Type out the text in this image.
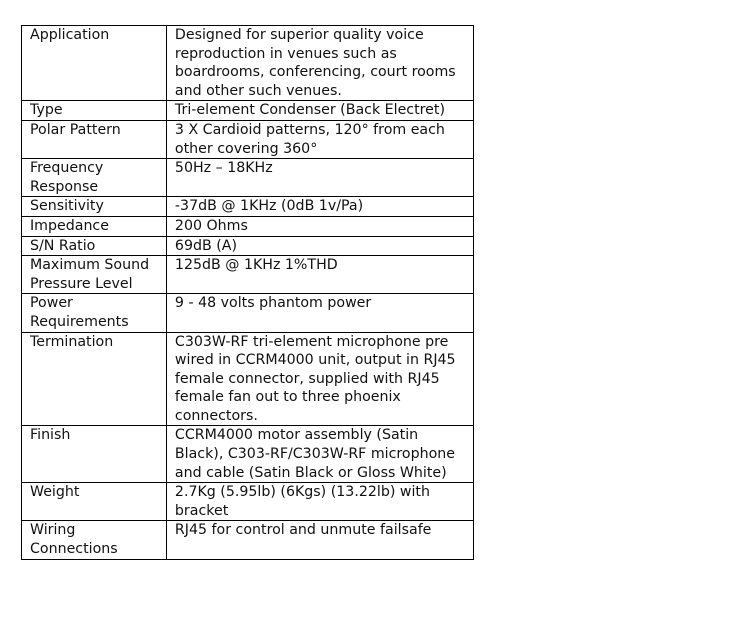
Application	Designed for superior quality voice reproduction in venues such as boardrooms, conferencing, court rooms and other such venues.
Type	Tri-element Condenser (Back Electret)
Polar Pattern	3 X Cardioid patterns, 120° from each other covering 360°
Frequency Response	50Hz – 18KHz
Sensitivity	-37dB @ 1KHz (0dB 1v/Pa)
Impedance	200 Ohms
S/N Ratio	69dB (A)
Maximum Sound Pressure Level	125dB @ 1KHz 1%THD
Power Requirements	9 - 48 volts phantom power
Termination	C303W-RF tri-element microphone pre wired in CCRM4000 unit, output in RJ45 female connector, supplied with RJ45 female fan out to three phoenix connectors.
Finish	CCRM4000 motor assembly (Satin Black), C303-RF/C303W-RF microphone and cable (Satin Black or Gloss White)
Weight	2.7Kg (5.95lb) (6Kgs) (13.22lb) with bracket
Wiring Connections	RJ45 for control and unmute failsafe
